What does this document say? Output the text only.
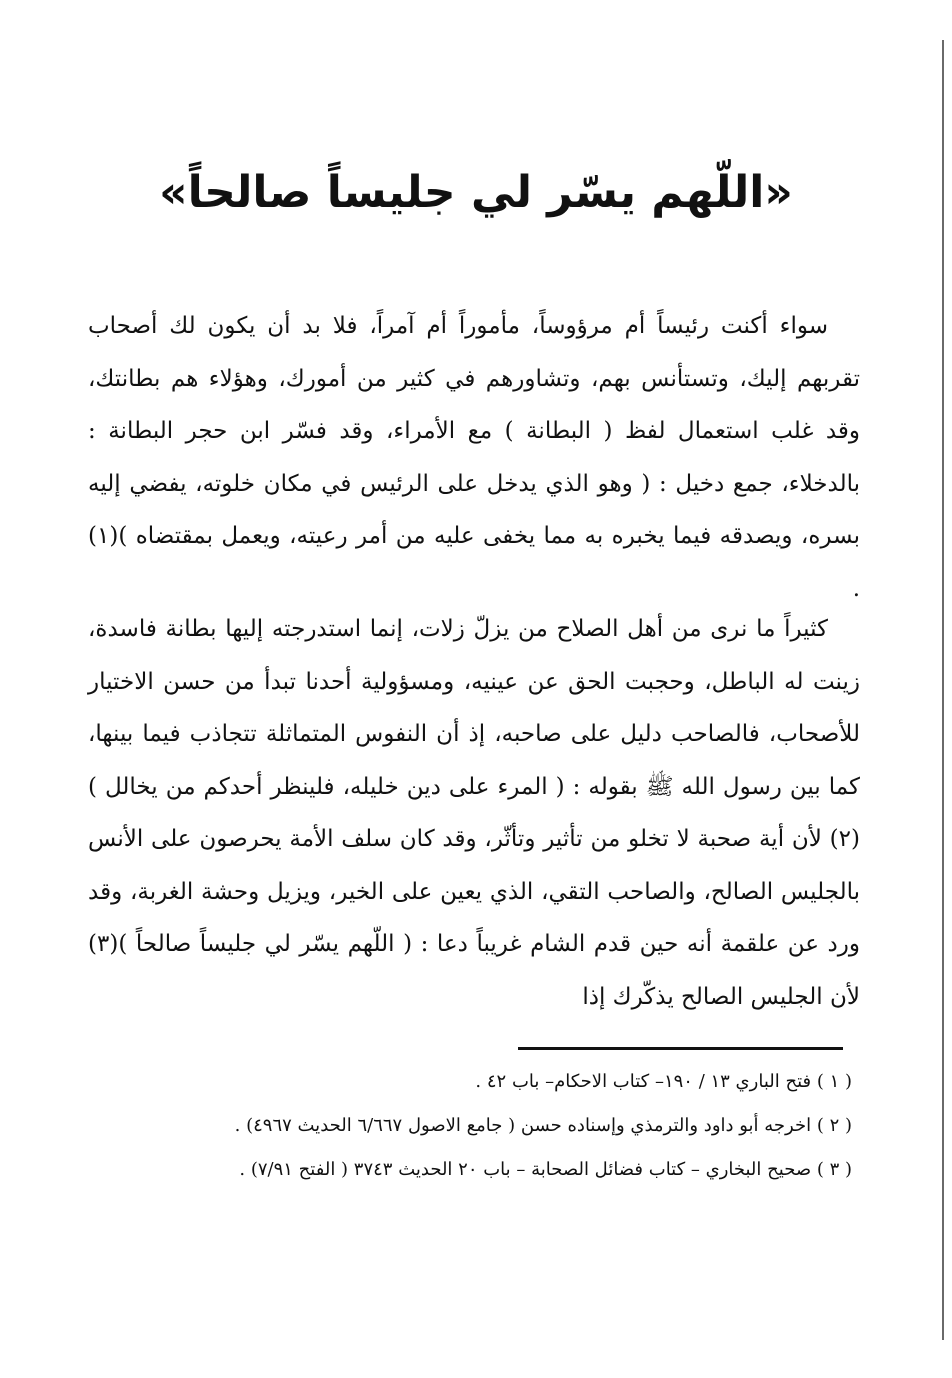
«اللّهم يسّر لي جليساً صالحاً»

سواء أكنت رئيساً أم مرؤوساً، مأموراً أم آمراً، فلا بد أن يكون لك أصحاب تقربهم إليك، وتستأنس بهم، وتشاورهم في كثير من أمورك، وهؤلاء هم بطانتك، وقد غلب استعمال لفظ ( البطانة ) مع الأمراء، وقد فسّر ابن حجر البطانة : بالدخلاء، جمع دخيل : ( وهو الذي يدخل على الرئيس في مكان خلوته، يفضي إليه بسره، ويصدقه فيما يخبره به مما يخفى عليه من أمر رعيته، ويعمل بمقتضاه )(١) .

كثيراً ما نرى من أهل الصلاح من يزلّ زلات، إنما استدرجته إليها بطانة فاسدة، زينت له الباطل، وحجبت الحق عن عينيه، ومسؤولية أحدنا تبدأ من حسن الاختيار للأصحاب، فالصاحب دليل على صاحبه، إذ أن النفوس المتماثلة تتجاذب فيما بينها، كما بين رسول الله ﷺ بقوله : ( المرء على دين خليله، فلينظر أحدكم من يخالل )(٢) لأن أية صحبة لا تخلو من تأثير وتأثّر، وقد كان سلف الأمة يحرصون على الأنس بالجليس الصالح، والصاحب التقي، الذي يعين على الخير، ويزيل وحشة الغربة، وقد ورد عن علقمة أنه حين قدم الشام غريباً دعا : ( اللّهم يسّر لي جليساً صالحاً )(٣) لأن الجليس الصالح يذكّرك إذا

( ١ ) فتح الباري ١٣ / ١٩٠– كتاب الاحكام– باب ٤٢ .
( ٢ ) اخرجه أبو داود والترمذي وإسناده حسن ( جامع الاصول ٦/٦٦٧ الحديث ٤٩٦٧) .
( ٣ ) صحيح البخاري – كتاب فضائل الصحابة – باب ٢٠ الحديث ٣٧٤٣ ( الفتح ٧/٩١) .
